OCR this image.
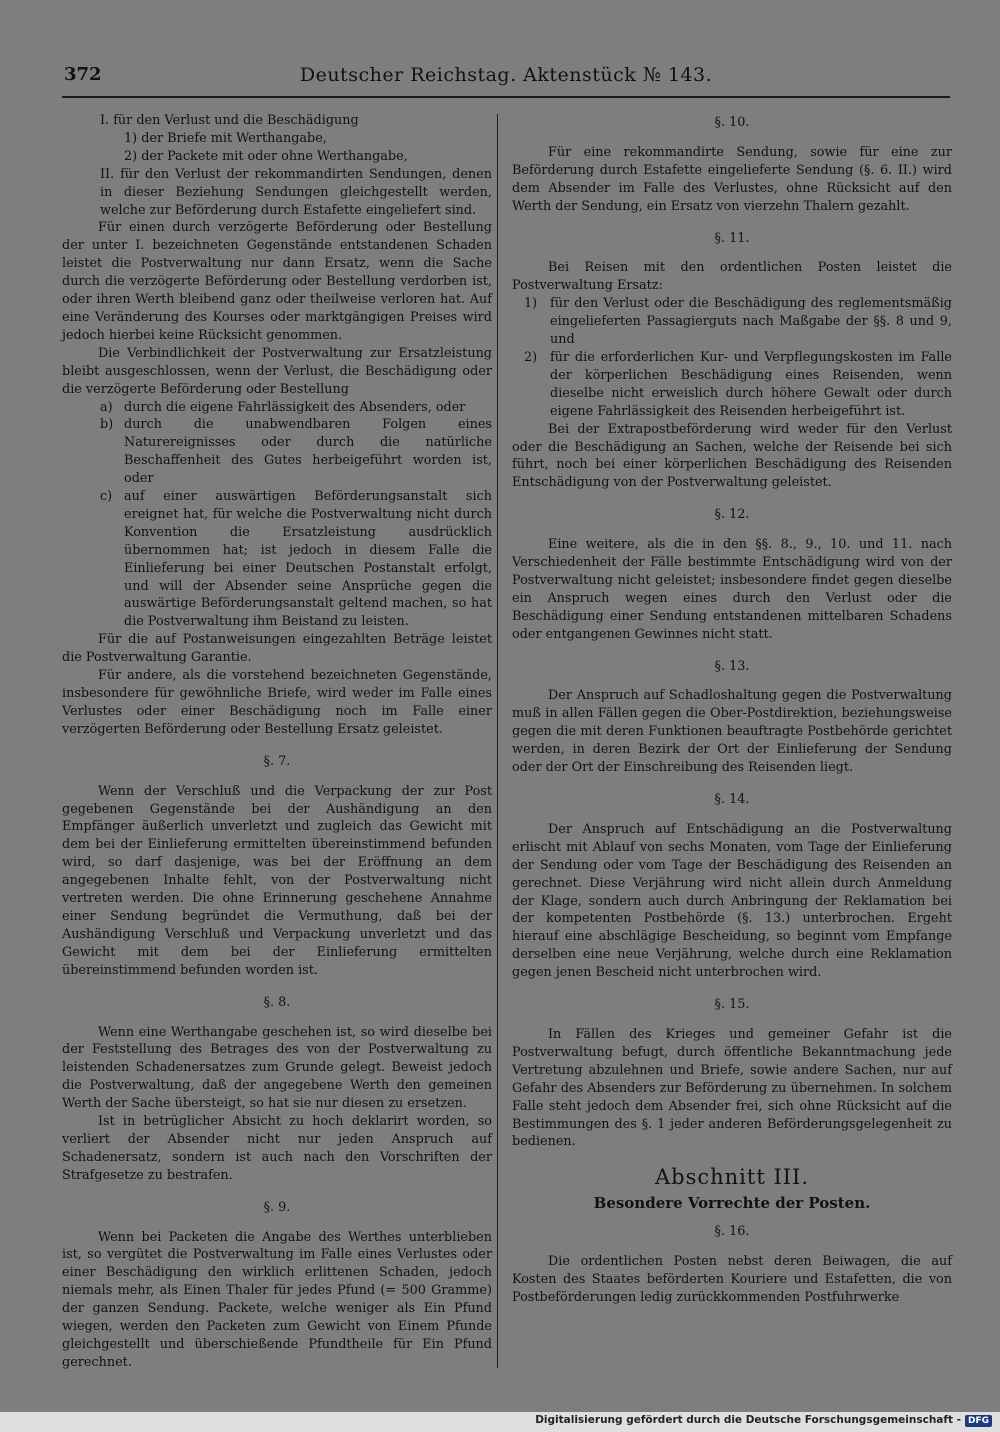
372	Deutscher Reichstag. Aktenstück № 143.

I. für den Verlust und die Beschädigung

1) der Briefe mit Werthangabe,

2) der Packete mit oder ohne Werthangabe,

II. für den Verlust der rekommandirten Sendungen, denen in dieser Beziehung Sendungen gleichgestellt werden, welche zur Beförderung durch Estafette eingeliefert sind.

Für einen durch verzögerte Beförderung oder Bestellung der unter I. bezeichneten Gegenstände entstandenen Schaden leistet die Postverwaltung nur dann Ersatz, wenn die Sache durch die verzögerte Beförderung oder Bestellung verdorben ist, oder ihren Werth bleibend ganz oder theilweise verloren hat. Auf eine Veränderung des Kourses oder marktgängigen Preises wird jedoch hierbei keine Rücksicht genommen.

Die Verbindlichkeit der Postverwaltung zur Ersatzleistung bleibt ausgeschlossen, wenn der Verlust, die Beschädigung oder die verzögerte Beförderung oder Bestellung

a) durch die eigene Fahrlässigkeit des Absenders, oder

b) durch die unabwendbaren Folgen eines Naturereignisses oder durch die natürliche Beschaffenheit des Gutes herbeigeführt worden ist, oder

c) auf einer auswärtigen Beförderungsanstalt sich ereignet hat, für welche die Postverwaltung nicht durch Konvention die Ersatzleistung ausdrücklich übernommen hat; ist jedoch in diesem Falle die Einlieferung bei einer Deutschen Postanstalt erfolgt, und will der Absender seine Ansprüche gegen die auswärtige Beförderungsanstalt geltend machen, so hat die Postverwaltung ihm Beistand zu leisten.

Für die auf Postanweisungen eingezahlten Beträge leistet die Postverwaltung Garantie.

Für andere, als die vorstehend bezeichneten Gegenstände, insbesondere für gewöhnliche Briefe, wird weder im Falle eines Verlustes oder einer Beschädigung noch im Falle einer verzögerten Beförderung oder Bestellung Ersatz geleistet.

§. 7.

Wenn der Verschluß und die Verpackung der zur Post gegebenen Gegenstände bei der Aushändigung an den Empfänger äußerlich unverletzt und zugleich das Gewicht mit dem bei der Einlieferung ermittelten übereinstimmend befunden wird, so darf dasjenige, was bei der Eröffnung an dem angegebenen Inhalte fehlt, von der Postverwaltung nicht vertreten werden. Die ohne Erinnerung geschehene Annahme einer Sendung begründet die Vermuthung, daß bei der Aushändigung Verschluß und Verpackung unverletzt und das Gewicht mit dem bei der Einlieferung ermittelten übereinstimmend befunden worden ist.

§. 8.

Wenn eine Werthangabe geschehen ist, so wird dieselbe bei der Feststellung des Betrages des von der Postverwaltung zu leistenden Schadenersatzes zum Grunde gelegt. Beweist jedoch die Postverwaltung, daß der angegebene Werth den gemeinen Werth der Sache übersteigt, so hat sie nur diesen zu ersetzen.

Ist in betrüglicher Absicht zu hoch deklarirt worden, so verliert der Absender nicht nur jeden Anspruch auf Schadenersatz, sondern ist auch nach den Vorschriften der Strafgesetze zu bestrafen.

§. 9.

Wenn bei Packeten die Angabe des Werthes unterblieben ist, so vergütet die Postverwaltung im Falle eines Verlustes oder einer Beschädigung den wirklich erlittenen Schaden, jedoch niemals mehr, als Einen Thaler für jedes Pfund (= 500 Gramme) der ganzen Sendung. Packete, welche weniger als Ein Pfund wiegen, werden den Packeten zum Gewicht von Einem Pfunde gleichgestellt und überschießende Pfundtheile für Ein Pfund gerechnet.

§. 10.

Für eine rekommandirte Sendung, sowie für eine zur Beförderung durch Estafette eingelieferte Sendung (§. 6. II.) wird dem Absender im Falle des Verlustes, ohne Rücksicht auf den Werth der Sendung, ein Ersatz von vierzehn Thalern gezahlt.

§. 11.

Bei Reisen mit den ordentlichen Posten leistet die Postverwaltung Ersatz:

1) für den Verlust oder die Beschädigung des reglementsmäßig eingelieferten Passagierguts nach Maßgabe der §§. 8 und 9, und

2) für die erforderlichen Kur- und Verpflegungskosten im Falle der körperlichen Beschädigung eines Reisenden, wenn dieselbe nicht erweislich durch höhere Gewalt oder durch eigene Fahrlässigkeit des Reisenden herbeigeführt ist.

Bei der Extrapostbeförderung wird weder für den Verlust oder die Beschädigung an Sachen, welche der Reisende bei sich führt, noch bei einer körperlichen Beschädigung des Reisenden Entschädigung von der Postverwaltung geleistet.

§. 12.

Eine weitere, als die in den §§. 8., 9., 10. und 11. nach Verschiedenheit der Fälle bestimmte Entschädigung wird von der Postverwaltung nicht geleistet; insbesondere findet gegen dieselbe ein Anspruch wegen eines durch den Verlust oder die Beschädigung einer Sendung entstandenen mittelbaren Schadens oder entgangenen Gewinnes nicht statt.

§. 13.

Der Anspruch auf Schadloshaltung gegen die Postverwaltung muß in allen Fällen gegen die Ober-Postdirektion, beziehungsweise gegen die mit deren Funktionen beauftragte Postbehörde gerichtet werden, in deren Bezirk der Ort der Einlieferung der Sendung oder der Ort der Einschreibung des Reisenden liegt.

§. 14.

Der Anspruch auf Entschädigung an die Postverwaltung erlischt mit Ablauf von sechs Monaten, vom Tage der Einlieferung der Sendung oder vom Tage der Beschädigung des Reisenden an gerechnet. Diese Verjährung wird nicht allein durch Anmeldung der Klage, sondern auch durch Anbringung der Reklamation bei der kompetenten Postbehörde (§. 13.) unterbrochen. Ergeht hierauf eine abschlägige Bescheidung, so beginnt vom Empfange derselben eine neue Verjährung, welche durch eine Reklamation gegen jenen Bescheid nicht unterbrochen wird.

§. 15.

In Fällen des Krieges und gemeiner Gefahr ist die Postverwaltung befugt, durch öffentliche Bekanntmachung jede Vertretung abzulehnen und Briefe, sowie andere Sachen, nur auf Gefahr des Absenders zur Beförderung zu übernehmen. In solchem Falle steht jedoch dem Absender frei, sich ohne Rücksicht auf die Bestimmungen des §. 1 jeder anderen Beförderungsgelegenheit zu bedienen.

Abschnitt III.
Besondere Vorrechte der Posten.
§. 16.

Die ordentlichen Posten nebst deren Beiwagen, die auf Kosten des Staates beförderten Kouriere und Estafetten, die von Postbeförderungen ledig zurückkommenden Postfuhrwerke

Digitalisierung gefördert durch die Deutsche Forschungsgemeinschaft - DFG
